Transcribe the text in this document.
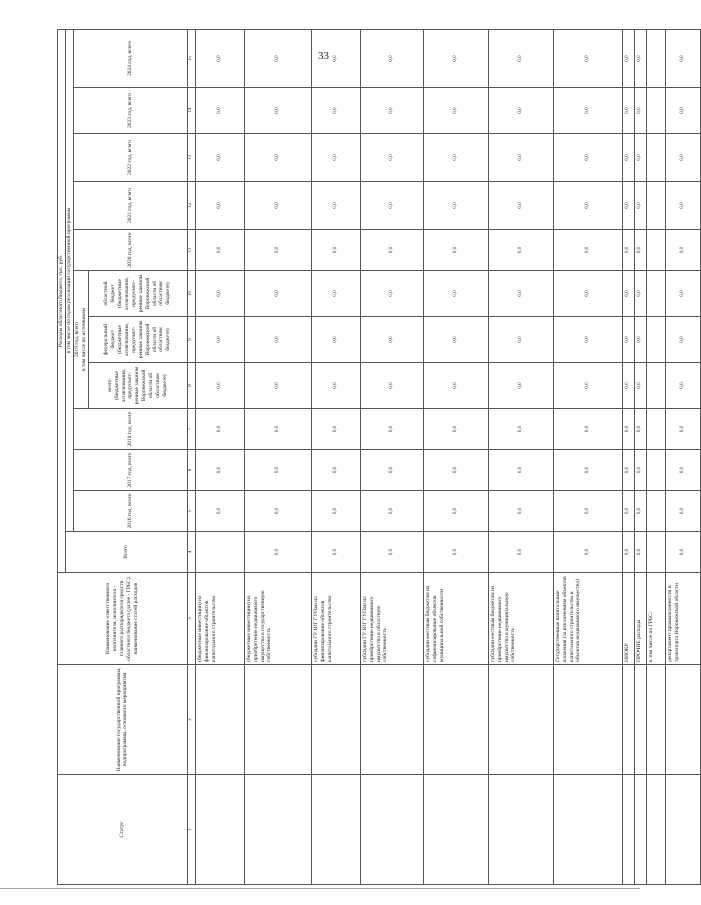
33
Статус	Наименование государственной программы, подпрограммы, основного мероприятия	Наименование ответственного исполнителя, исполнителя - главного распорядителя средств областного бюджета (далее - ГРБС), наименование статей расходов	Расходы областного бюджета, тыс. руб.											
			Всего	в том числе по годам реализации государственной программы										
				2016 год, всего	2017 год, всего	2018 год, всего	2019 год, всего в том числе по источникам			2020 год, всего	2021 год, всего	2022 год, всего	2023 год, всего	2024 год, всего
							всего (бюджетные ассигнования, предусмот-ренные законом Воронежской области об областном бюджете)	федеральный бюджет (бюджетные ассигнования, предусмот-ренные законом Воронежской области об областном бюджете)	областной бюджет (бюджетные ассигнования, предусмот-ренные законом Воронежской области об областном бюджете)					
1	2	3	4	5	6	7	8	9	10	11	12	13	14	15
		(бюджетные инвестиции) на финансирование объектов капитального строительства		0,0	0,0	0,0	0,0	0,0	0,0	0,0	0,0	0,0	0,0	0,0
		(бюджетные инвестиции) на приобретение недвижимого имущества в государственную собственность	0,0	0,0	0,0	0,0	0,0	0,0	0,0	0,0	0,0	0,0	0,0	0,0
		субсидии ГУ ЮГ ГУПам на финансирование объектов капитального строительства	0,0	0,0	0,0	0,0	0,0	0,0	0,0	0,0	0,0	0,0	0,0	0,0
		субсидии ГУ ЮГ ГУПам на приобретение недвижимого имущества в областную собственность	0,0	0,0	0,0	0,0	0,0	0,0	0,0	0,0	0,0	0,0	0,0	0,0
		субсидии местным бюджетам на софинансирование объектов муниципальной собственности	0,0	0,0	0,0	0,0	0,0	0,0	0,0	0,0	0,0	0,0	0,0	0,0
		субсидии местным бюджетам на приобретение недвижимого имущества в муниципальную собственность	0,0	0,0	0,0	0,0	0,0	0,0	0,0	0,0	0,0	0,0	0,0	0,0
		Государственные капитальные вложения (за исключением объектов капитального строительства и объектов недвижимого имущества)	0,0	0,0	0,0	0,0	0,0	0,0	0,0	0,0	0,0	0,0	0,0	0,0
		НИОКР	0,0	0,0	0,0	0,0	0,0	0,0	0,0	0,0	0,0	0,0	0,0	0,0
		ПРОЧИЕ расходы	0,0	0,0	0,0	0,0	0,0	0,0	0,0	0,0	0,0	0,0	0,0	0,0
		в том числе по ГРБС:												
		департамент промышленности и транспорта Воронежской области	0,0	0,0	0,0	0,0	0,0	0,0	0,0	0,0	0,0	0,0	0,0	0,0
